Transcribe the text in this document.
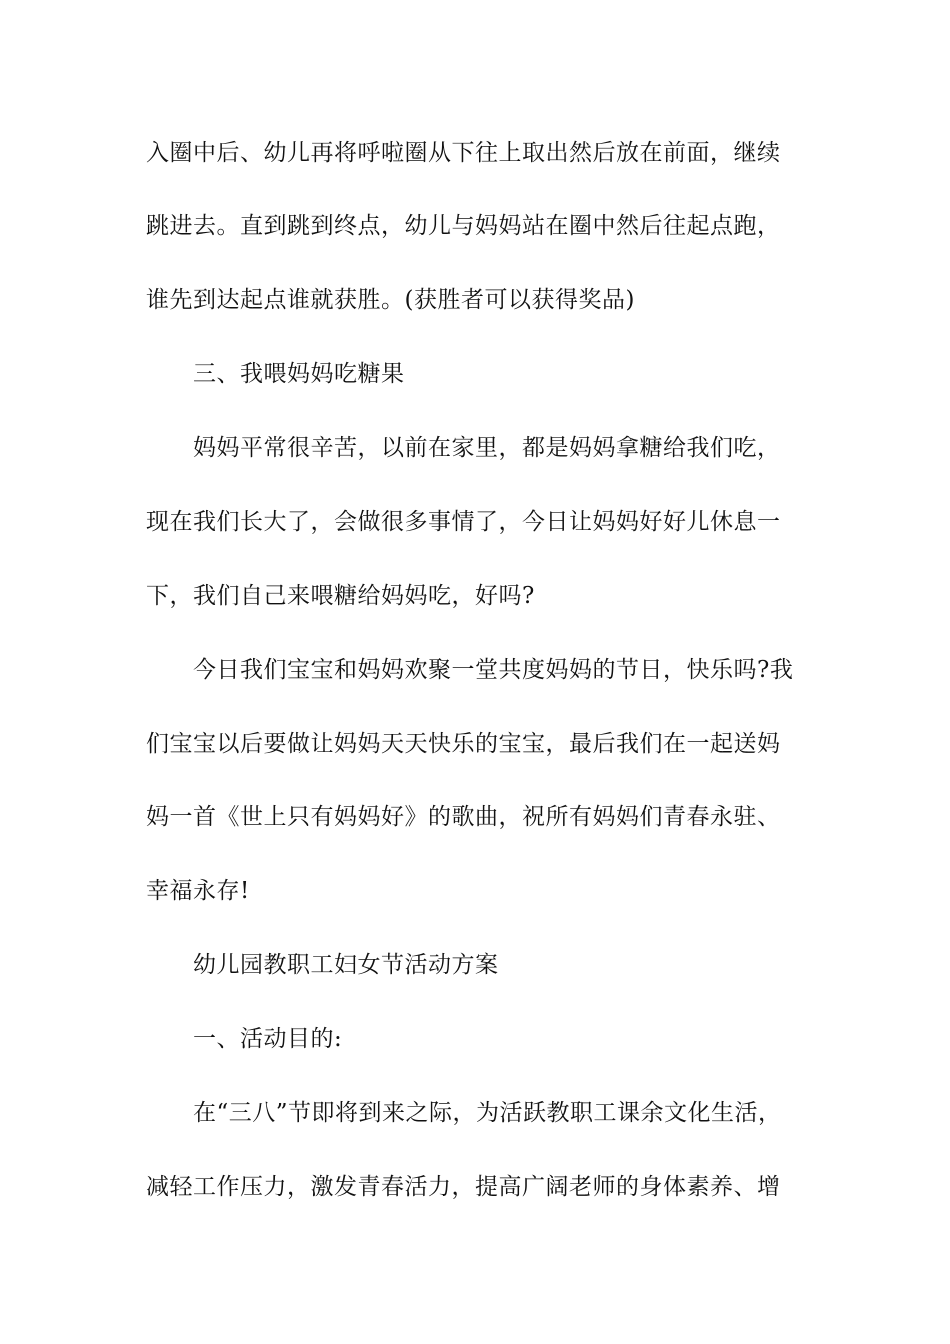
入圈中后、幼儿再将呼啦圈从下往上取出然后放在前面，继续
跳进去。直到跳到终点，幼儿与妈妈站在圈中然后往起点跑，
谁先到达起点谁就获胜。(获胜者可以获得奖品)
三、我喂妈妈吃糖果
妈妈平常很辛苦，以前在家里，都是妈妈拿糖给我们吃，
现在我们长大了，会做很多事情了，今日让妈妈好好儿休息一
下，我们自己来喂糖给妈妈吃，好吗?
今日我们宝宝和妈妈欢聚一堂共度妈妈的节日，快乐吗?我
们宝宝以后要做让妈妈天天快乐的宝宝，最后我们在一起送妈
妈一首《世上只有妈妈好》的歌曲，祝所有妈妈们青春永驻、
幸福永存!
幼儿园教职工妇女节活动方案
一、活动目的:
在“三八”节即将到来之际，为活跃教职工课余文化生活，
减轻工作压力，激发青春活力，提高广阔老师的身体素养、增
